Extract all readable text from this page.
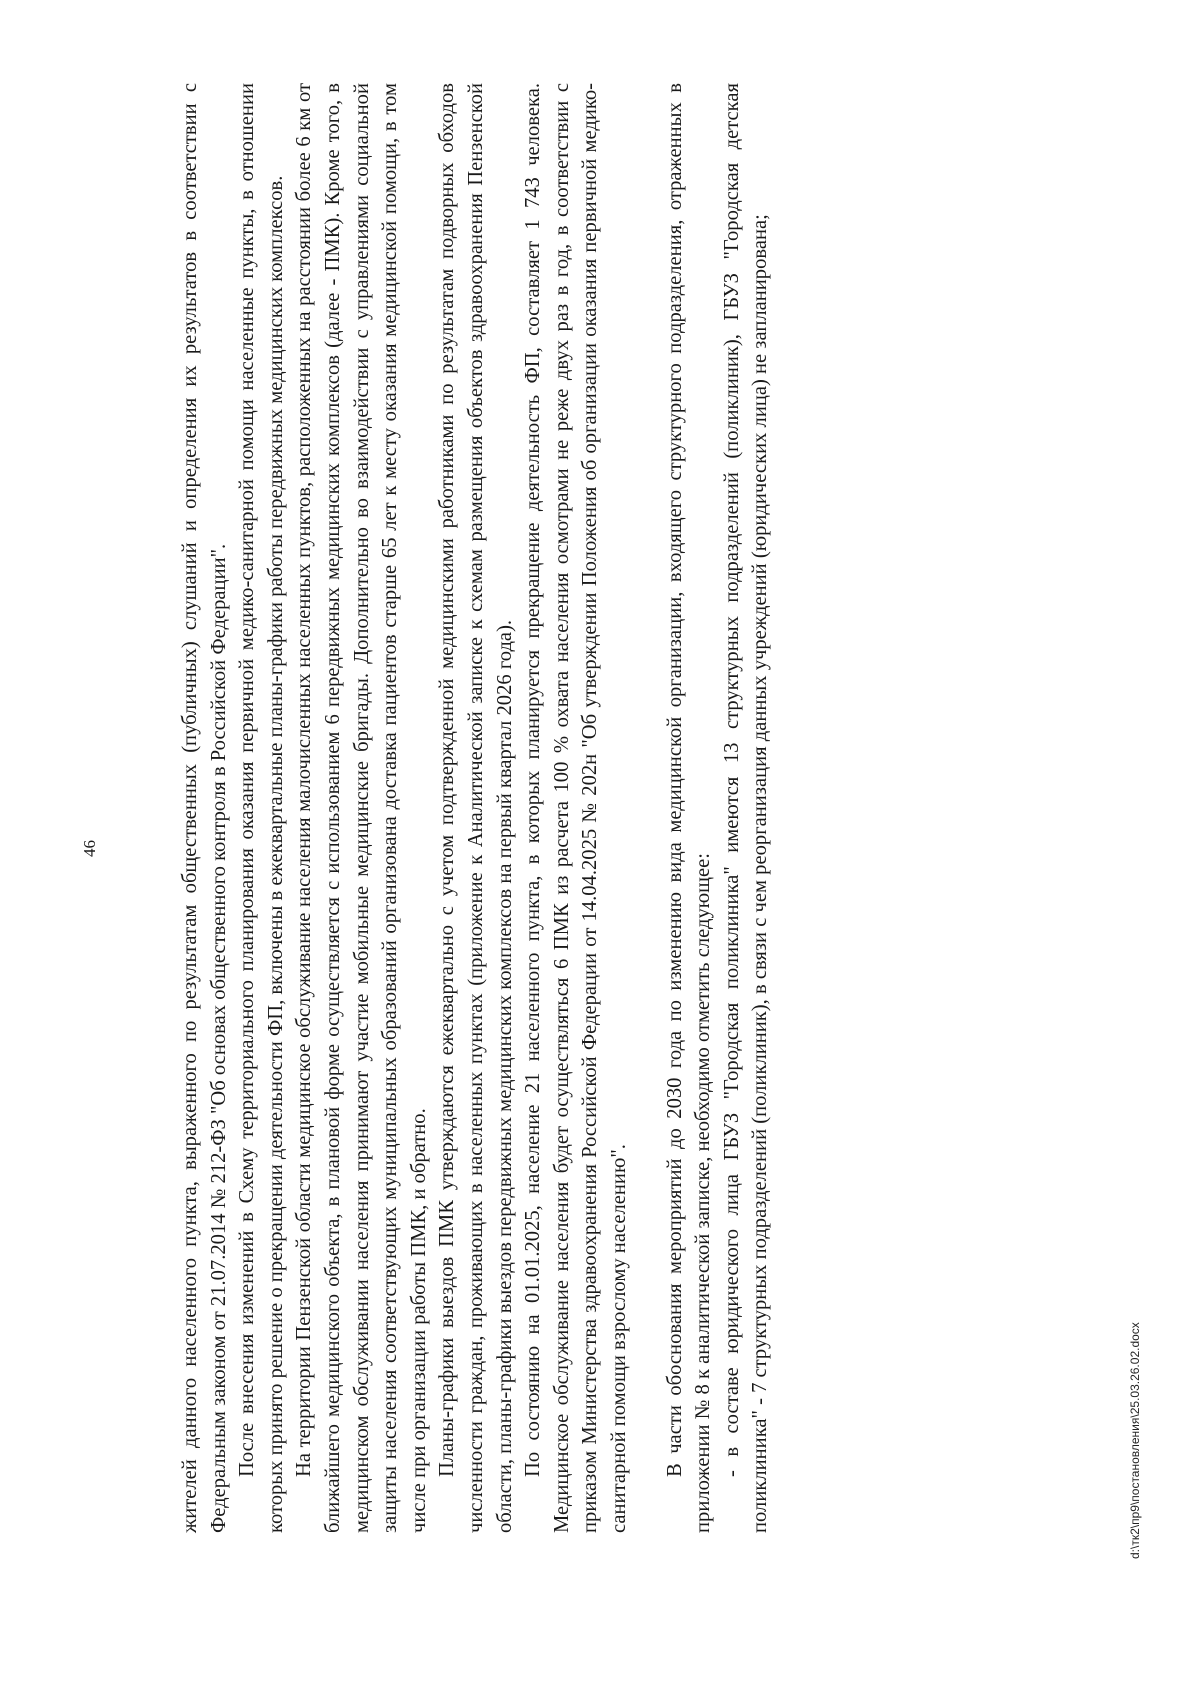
46	жителей данного населенного пункта, выраженного по результатам общественных (публичных) слушаний и определения их результатов в соответствии с Федеральным законом от 21.07.2014 № 212-ФЗ "Об основах общественного контроля в Российской Федерации". После внесения изменений в Схему территориального планирования оказания первичной медико-санитарной помощи населенные пункты, в отношении которых принято решение о прекращении деятельности ФП, включены в ежеквартальные планы-графики работы передвижных медицинских комплексов. На территории Пензенской области медицинское обслуживание населения малочисленных населенных пунктов, расположенных на расстоянии более 6 км от ближайшего медицинского объекта, в плановой форме осуществляется с использованием 6 передвижных медицинских комплексов (далее - ПМК). Кроме того, в медицинском обслуживании населения принимают участие мобильные медицинские бригады. Дополнительно во взаимодействии с управлениями социальной защиты населения соответствующих муниципальных образований организована доставка пациентов старше 65 лет к месту оказания медицинской помощи, в том числе при организации работы ПМК, и обратно. Планы-графики выездов ПМК утверждаются ежеквартально с учетом подтвержденной медицинскими работниками по результатам подворных обходов численности граждан, проживающих в населенных пунктах (приложение к Аналитической записке к схемам размещения объектов здравоохранения Пензенской области, планы-графики выездов передвижных медицинских комплексов на первый квартал 2026 года). По состоянию на 01.01.2025, население 21 населенного пункта, в которых планируется прекращение деятельность ФП, составляет 1 743 человека. Медицинское обслуживание населения будет осуществляться 6 ПМК из расчета 100 % охвата населения осмотрами не реже двух раз в год, в соответствии с приказом Министерства здравоохранения Российской Федерации от 14.04.2025 № 202н "Об утверждении Положения об организации оказания первичной медико-санитарной помощи взрослому населению". В части обоснования мероприятий до 2030 года по изменению вида медицинской организации, входящего структурного подразделения, отраженных в приложении № 8 к аналитической записке, необходимо отметить следующее: - в составе юридического лица ГБУЗ "Городская поликлиника" имеются 13 структурных подразделений (поликлиник), ГБУЗ "Городская детская поликлиника" - 7 структурных подразделений (поликлиник), в связи с чем реорганизация данных учреждений (юридических лица) не запланирована;	d:\тк2\пр9\постановления\25.03.26.02.docx
